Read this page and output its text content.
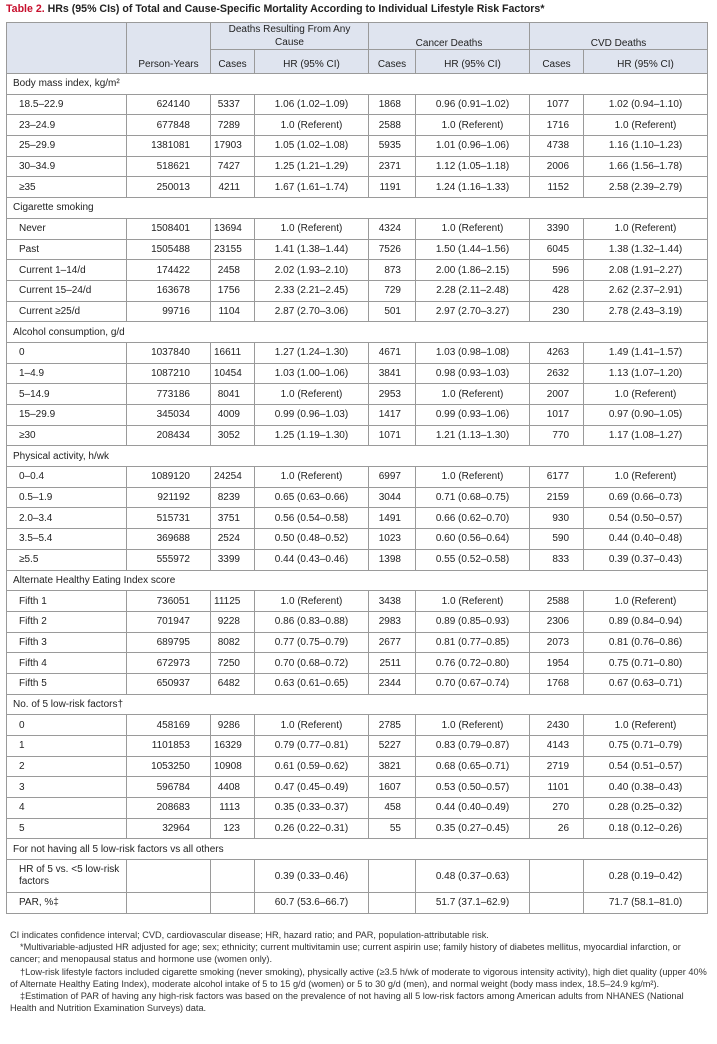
Table 2. HRs (95% CIs) of Total and Cause-Specific Mortality According to Individual Lifestyle Risk Factors*
	Person-Years	Deaths Resulting From Any Cause		Cancer Deaths		CVD Deaths	
		Cases	HR (95% CI)	Cases	HR (95% CI)	Cases	HR (95% CI)
Body mass index, kg/m²							
18.5–22.9	624140	5337	1.06 (1.02–1.09)	1868	0.96 (0.91–1.02)	1077	1.02 (0.94–1.10)
23–24.9	677848	7289	1.0 (Referent)	2588	1.0 (Referent)	1716	1.0 (Referent)
25–29.9	1381081	17903	1.05 (1.02–1.08)	5935	1.01 (0.96–1.06)	4738	1.16 (1.10–1.23)
30–34.9	518621	7427	1.25 (1.21–1.29)	2371	1.12 (1.05–1.18)	2006	1.66 (1.56–1.78)
≥35	250013	4211	1.67 (1.61–1.74)	1191	1.24 (1.16–1.33)	1152	2.58 (2.39–2.79)
Cigarette smoking							
Never	1508401	13694	1.0 (Referent)	4324	1.0 (Referent)	3390	1.0 (Referent)
Past	1505488	23155	1.41 (1.38–1.44)	7526	1.50 (1.44–1.56)	6045	1.38 (1.32–1.44)
Current 1–14/d	174422	2458	2.02 (1.93–2.10)	873	2.00 (1.86–2.15)	596	2.08 (1.91–2.27)
Current 15–24/d	163678	1756	2.33 (2.21–2.45)	729	2.28 (2.11–2.48)	428	2.62 (2.37–2.91)
Current ≥25/d	99716	1104	2.87 (2.70–3.06)	501	2.97 (2.70–3.27)	230	2.78 (2.43–3.19)
Alcohol consumption, g/d							
0	1037840	16611	1.27 (1.24–1.30)	4671	1.03 (0.98–1.08)	4263	1.49 (1.41–1.57)
1–4.9	1087210	10454	1.03 (1.00–1.06)	3841	0.98 (0.93–1.03)	2632	1.13 (1.07–1.20)
5–14.9	773186	8041	1.0 (Referent)	2953	1.0 (Referent)	2007	1.0 (Referent)
15–29.9	345034	4009	0.99 (0.96–1.03)	1417	0.99 (0.93–1.06)	1017	0.97 (0.90–1.05)
≥30	208434	3052	1.25 (1.19–1.30)	1071	1.21 (1.13–1.30)	770	1.17 (1.08–1.27)
Physical activity, h/wk							
0–0.4	1089120	24254	1.0 (Referent)	6997	1.0 (Referent)	6177	1.0 (Referent)
0.5–1.9	921192	8239	0.65 (0.63–0.66)	3044	0.71 (0.68–0.75)	2159	0.69 (0.66–0.73)
2.0–3.4	515731	3751	0.56 (0.54–0.58)	1491	0.66 (0.62–0.70)	930	0.54 (0.50–0.57)
3.5–5.4	369688	2524	0.50 (0.48–0.52)	1023	0.60 (0.56–0.64)	590	0.44 (0.40–0.48)
≥5.5	555972	3399	0.44 (0.43–0.46)	1398	0.55 (0.52–0.58)	833	0.39 (0.37–0.43)
Alternate Healthy Eating Index score							
Fifth 1	736051	11125	1.0 (Referent)	3438	1.0 (Referent)	2588	1.0 (Referent)
Fifth 2	701947	9228	0.86 (0.83–0.88)	2983	0.89 (0.85–0.93)	2306	0.89 (0.84–0.94)
Fifth 3	689795	8082	0.77 (0.75–0.79)	2677	0.81 (0.77–0.85)	2073	0.81 (0.76–0.86)
Fifth 4	672973	7250	0.70 (0.68–0.72)	2511	0.76 (0.72–0.80)	1954	0.75 (0.71–0.80)
Fifth 5	650937	6482	0.63 (0.61–0.65)	2344	0.70 (0.67–0.74)	1768	0.67 (0.63–0.71)
No. of 5 low-risk factors†							
0	458169	9286	1.0 (Referent)	2785	1.0 (Referent)	2430	1.0 (Referent)
1	1101853	16329	0.79 (0.77–0.81)	5227	0.83 (0.79–0.87)	4143	0.75 (0.71–0.79)
2	1053250	10908	0.61 (0.59–0.62)	3821	0.68 (0.65–0.71)	2719	0.54 (0.51–0.57)
3	596784	4408	0.47 (0.45–0.49)	1607	0.53 (0.50–0.57)	1101	0.40 (0.38–0.43)
4	208683	1113	0.35 (0.33–0.37)	458	0.44 (0.40–0.49)	270	0.28 (0.25–0.32)
5	32964	123	0.26 (0.22–0.31)	55	0.35 (0.27–0.45)	26	0.18 (0.12–0.26)
For not having all 5 low-risk factors vs all others							
HR of 5 vs. <5 low-risk factors			0.39 (0.33–0.46)		0.48 (0.37–0.63)		0.28 (0.19–0.42)
PAR, %‡			60.7 (53.6–66.7)		51.7 (37.1–62.9)		71.7 (58.1–81.0)

CI indicates confidence interval; CVD, cardiovascular disease; HR, hazard ratio; and PAR, population-attributable risk.

*Multivariable-adjusted HR adjusted for age; sex; ethnicity; current multivitamin use; current aspirin use; family history of diabetes mellitus, myocardial infarction, or cancer; and menopausal status and hormone use (women only).

†Low-risk lifestyle factors included cigarette smoking (never smoking), physically active (≥3.5 h/wk of moderate to vigorous intensity activity), high diet quality (upper 40% of Alternate Healthy Eating Index), moderate alcohol intake of 5 to 15 g/d (women) or 5 to 30 g/d (men), and normal weight (body mass index, 18.5–24.9 kg/m²).

‡Estimation of PAR of having any high-risk factors was based on the prevalence of not having all 5 low-risk factors among American adults from NHANES (National Health and Nutrition Examination Surveys) data.
